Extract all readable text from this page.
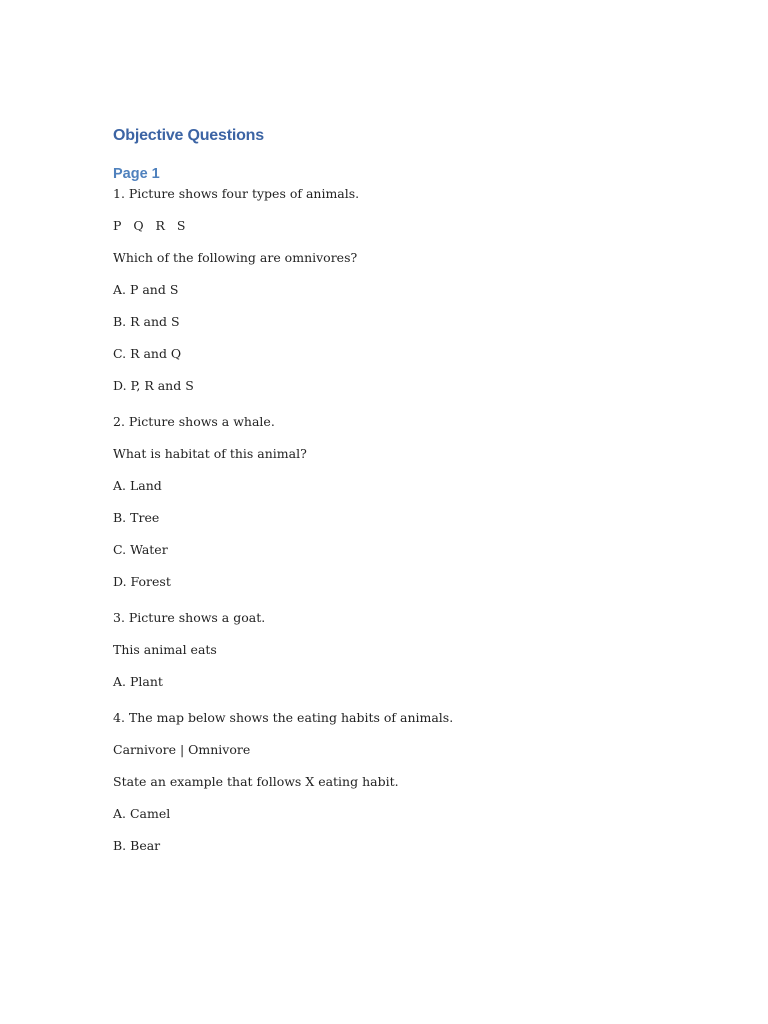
Objective Questions
Page 1
1. Picture shows four types of animals.
P   Q   R   S
Which of the following are omnivores?
A. P and S
B. R and S
C. R and Q
D. P, R and S
2. Picture shows a whale.
What is habitat of this animal?
A. Land
B. Tree
C. Water
D. Forest
3. Picture shows a goat.
This animal eats
A. Plant
4. The map below shows the eating habits of animals.
Carnivore | Omnivore
State an example that follows X eating habit.
A. Camel
B. Bear
